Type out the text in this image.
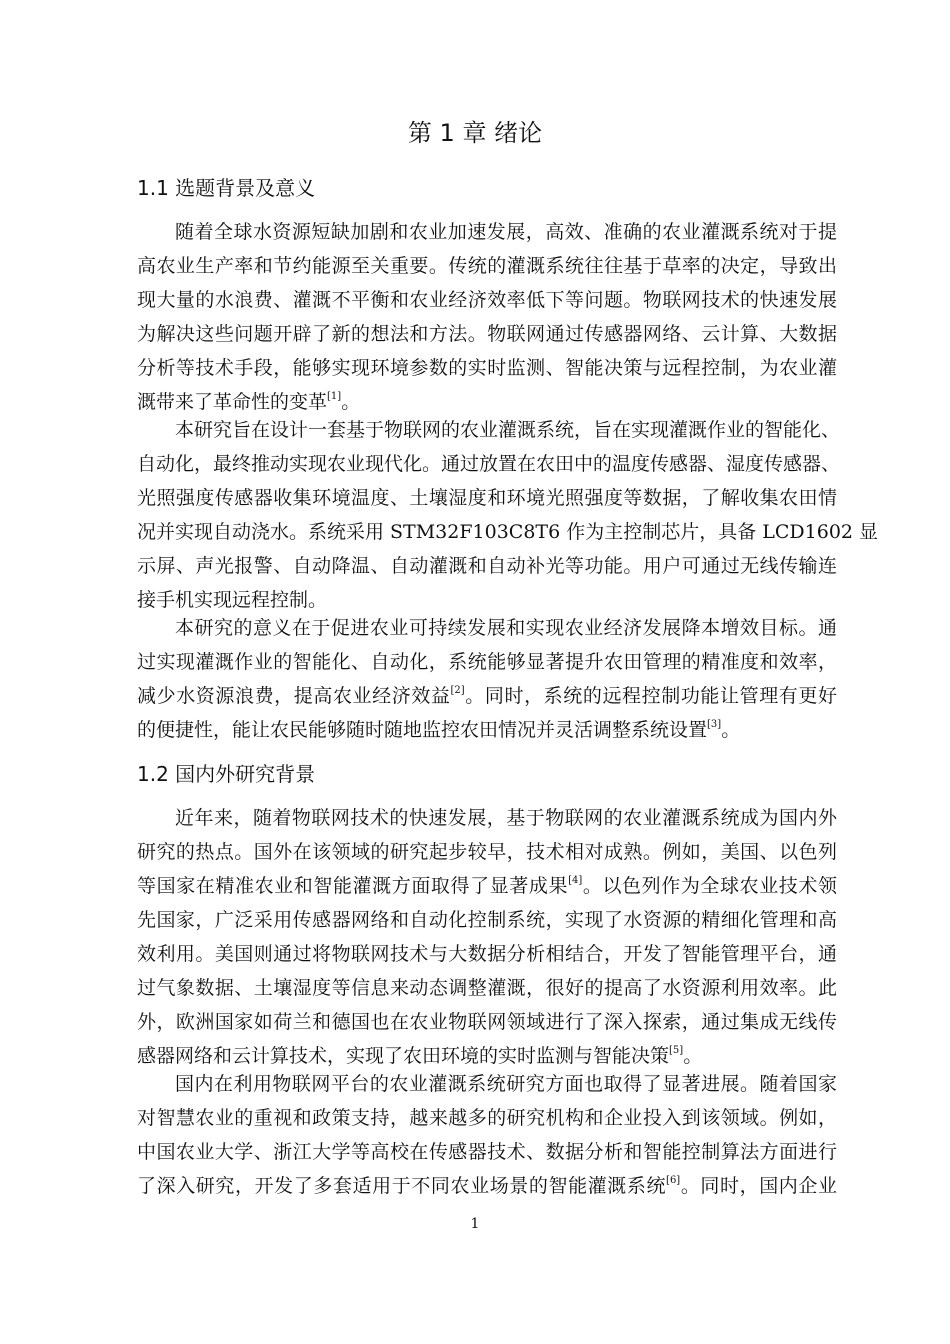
第 1 章 绪论
1.1 选题背景及意义
随着全球水资源短缺加剧和农业加速发展，高效、准确的农业灌溉系统对于提
高农业生产率和节约能源至关重要。传统的灌溉系统往往基于草率的决定，导致出
现大量的水浪费、灌溉不平衡和农业经济效率低下等问题。物联网技术的快速发展
为解决这些问题开辟了新的想法和方法。物联网通过传感器网络、云计算、大数据
分析等技术手段，能够实现环境参数的实时监测、智能决策与远程控制，为农业灌
溉带来了革命性的变革[1]。
本研究旨在设计一套基于物联网的农业灌溉系统，旨在实现灌溉作业的智能化、
自动化，最终推动实现农业现代化。通过放置在农田中的温度传感器、湿度传感器、
光照强度传感器收集环境温度、土壤湿度和环境光照强度等数据，了解收集农田情
况并实现自动浇水。系统采用 STM32F103C8T6 作为主控制芯片，具备 LCD1602 显
示屏、声光报警、自动降温、自动灌溉和自动补光等功能。用户可通过无线传输连
接手机实现远程控制。
本研究的意义在于促进农业可持续发展和实现农业经济发展降本增效目标。通
过实现灌溉作业的智能化、自动化，系统能够显著提升农田管理的精准度和效率，
减少水资源浪费，提高农业经济效益[2]。同时，系统的远程控制功能让管理有更好
的便捷性，能让农民能够随时随地监控农田情况并灵活调整系统设置[3]。
1.2 国内外研究背景
近年来，随着物联网技术的快速发展，基于物联网的农业灌溉系统成为国内外
研究的热点。国外在该领域的研究起步较早，技术相对成熟。例如，美国、以色列
等国家在精准农业和智能灌溉方面取得了显著成果[4]。以色列作为全球农业技术领
先国家，广泛采用传感器网络和自动化控制系统，实现了水资源的精细化管理和高
效利用。美国则通过将物联网技术与大数据分析相结合，开发了智能管理平台，通
过气象数据、土壤湿度等信息来动态调整灌溉，很好的提高了水资源利用效率。此
外，欧洲国家如荷兰和德国也在农业物联网领域进行了深入探索，通过集成无线传
感器网络和云计算技术，实现了农田环境的实时监测与智能决策[5]。
国内在利用物联网平台的农业灌溉系统研究方面也取得了显著进展。随着国家
对智慧农业的重视和政策支持，越来越多的研究机构和企业投入到该领域。例如，
中国农业大学、浙江大学等高校在传感器技术、数据分析和智能控制算法方面进行
了深入研究，开发了多套适用于不同农业场景的智能灌溉系统[6]。同时，国内企业
1
